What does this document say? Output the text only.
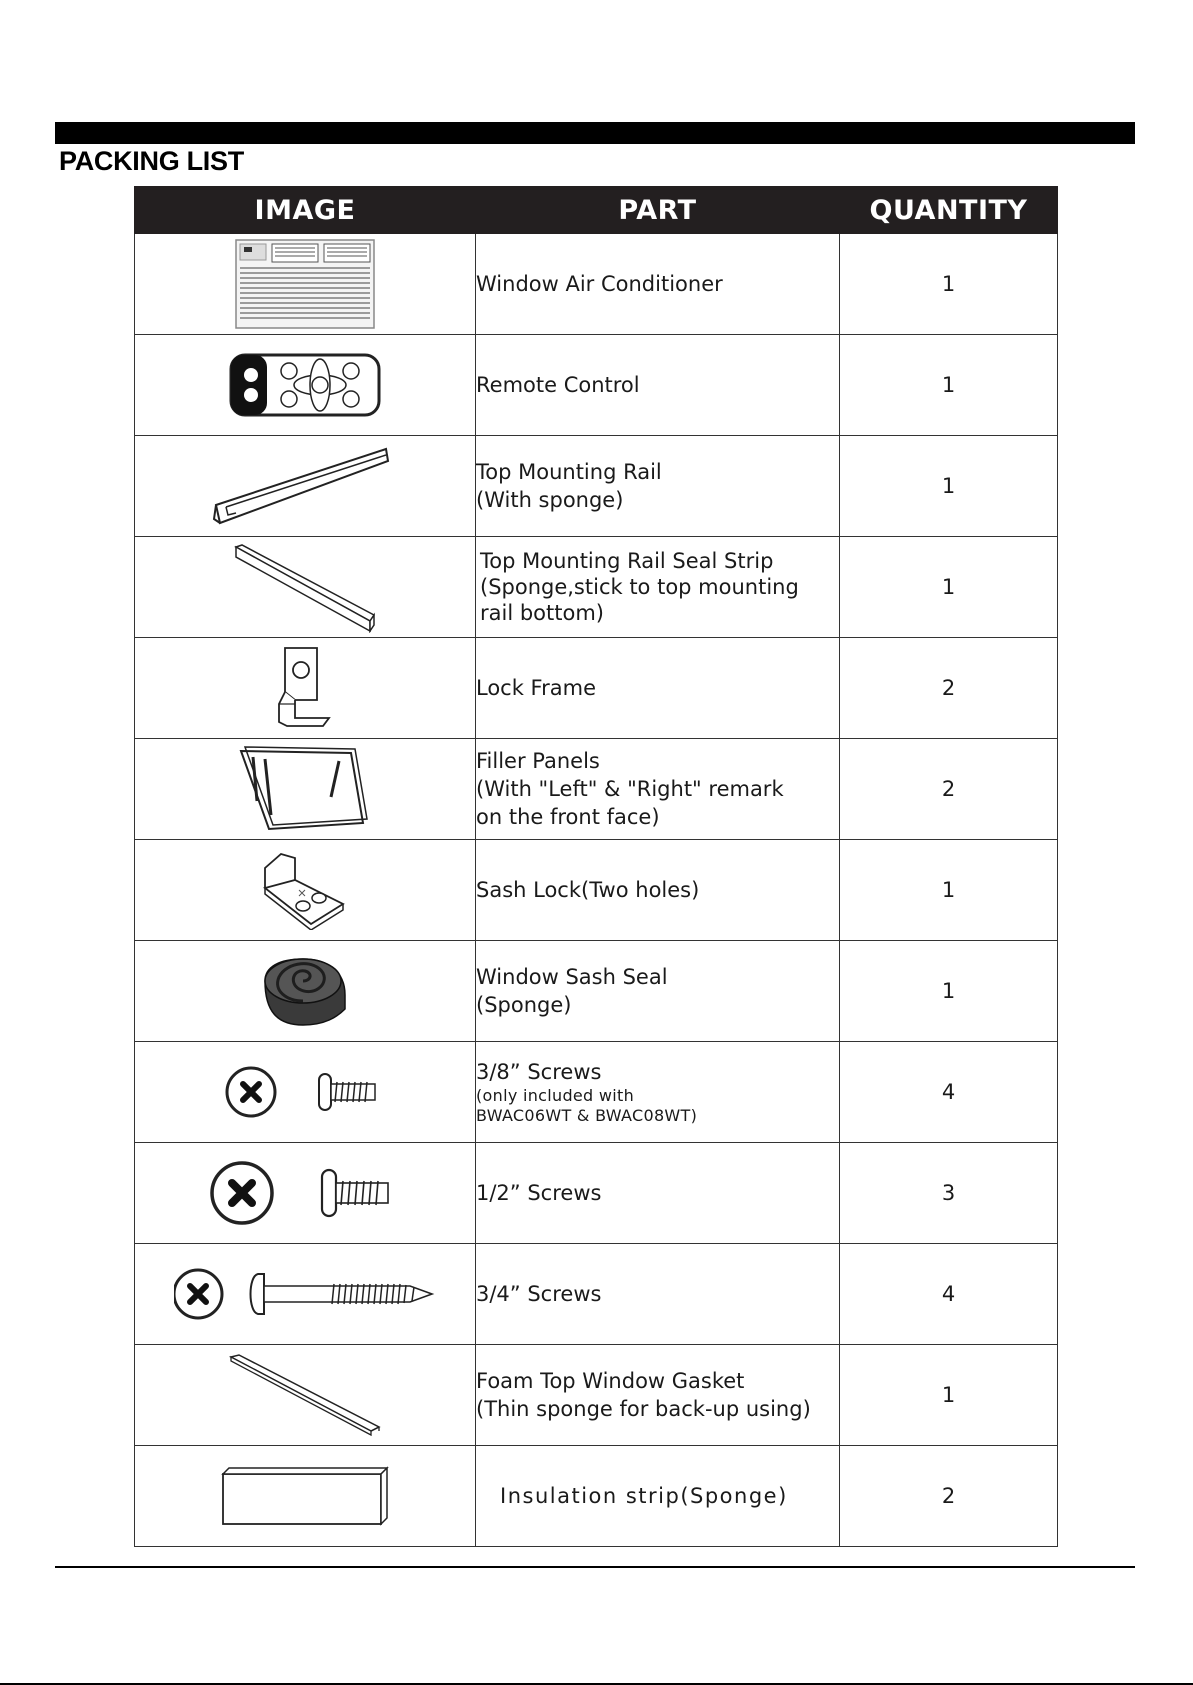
PACKING LIST
IMAGE	PART	QUANTITY

Window Air Conditioner	1

Remote Control	1

Top Mounting Rail
(With sponge)	1

Top Mounting Rail Seal Strip
(Sponge,stick to top mounting
rail bottom)	1

Lock Frame	2

Filler Panels
(With "Left" & "Right" remark
on the front face)	2

Sash Lock(Two holes)	1

Window Sash Seal
(Sponge)	1

3/8” Screws
(only included with
BWAC06WT & BWAC08WT)	4

1/2” Screws	3

3/4” Screws	4

Foam Top Window Gasket
(Thin sponge for back-up using)	1

Insulation strip(Sponge)	2
